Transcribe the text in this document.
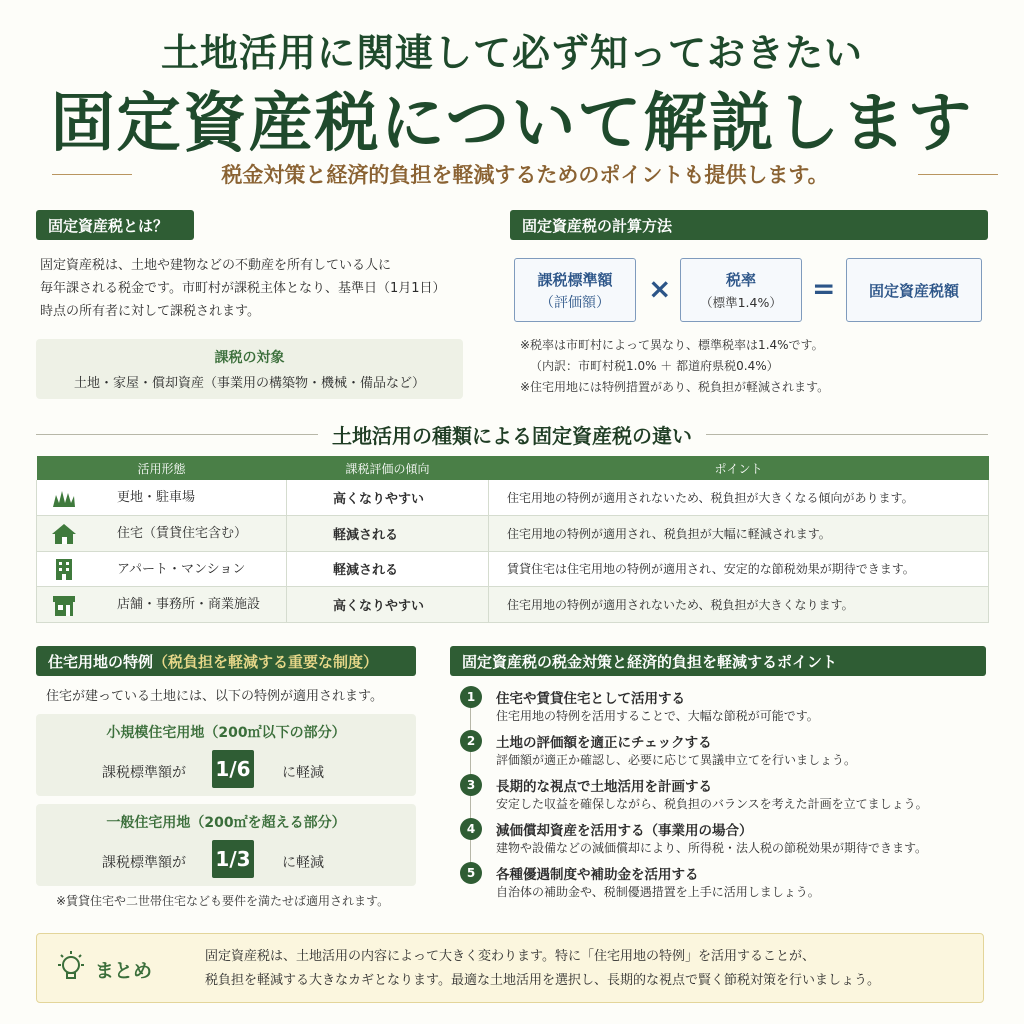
土地活用に関連して必ず知っておきたい
固定資産税について解説します
税金対策と経済的負担を軽減するためのポイントも提供します。
固定資産税とは？
固定資産税は、土地や建物などの不動産を所有している人に
毎年課される税金です。市町村が課税主体となり、基準日（1月1日）
時点の所有者に対して課税されます。
課税の対象
土地・家屋・償却資産（事業用の構築物・機械・備品など）
固定資産税の計算方法
課税標準額
（評価額）	×	税率
（標準1.4%）	=	固定資産税額
※税率は市町村によって異なり、標準税率は1.4%です。
（内訳：市町村税1.0% ＋ 都道府県税0.4%）
※住宅用地には特例措置があり、税負担が軽減されます。
土地活用の種類による固定資産税の違い
活用形態	課税評価の傾向	ポイント
更地・駐車場	高くなりやすい	住宅用地の特例が適用されないため、税負担が大きくなる傾向があります。
住宅（賃貸住宅含む）	軽減される	住宅用地の特例が適用され、税負担が大幅に軽減されます。
アパート・マンション	軽減される	賃貸住宅は住宅用地の特例が適用され、安定的な節税効果が期待できます。
店舗・事務所・商業施設	高くなりやすい	住宅用地の特例が適用されないため、税負担が大きくなります。
住宅用地の特例 （税負担を軽減する重要な制度）
住宅が建っている土地には、以下の特例が適用されます。
小規模住宅用地（200㎡以下の部分）
課税標準額が 1/6 に軽減
一般住宅用地（200㎡を超える部分）
課税標準額が 1/3 に軽減
※賃貸住宅や二世帯住宅なども要件を満たせば適用されます。
固定資産税の税金対策と経済的負担を軽減するポイント
1	住宅や賃貸住宅として活用する
住宅用地の特例を活用することで、大幅な節税が可能です。
2	土地の評価額を適正にチェックする
評価額が適正か確認し、必要に応じて異議申立てを行いましょう。
3	長期的な視点で土地活用を計画する
安定した収益を確保しながら、税負担のバランスを考えた計画を立てましょう。
4	減価償却資産を活用する（事業用の場合）
建物や設備などの減価償却により、所得税・法人税の節税効果が期待できます。
5	各種優遇制度や補助金を活用する
自治体の補助金や、税制優遇措置を上手に活用しましょう。
まとめ
固定資産税は、土地活用の内容によって大きく変わります。特に「住宅用地の特例」を活用することが、
税負担を軽減する大きなカギとなります。最適な土地活用を選択し、長期的な視点で賢く節税対策を行いましょう。
